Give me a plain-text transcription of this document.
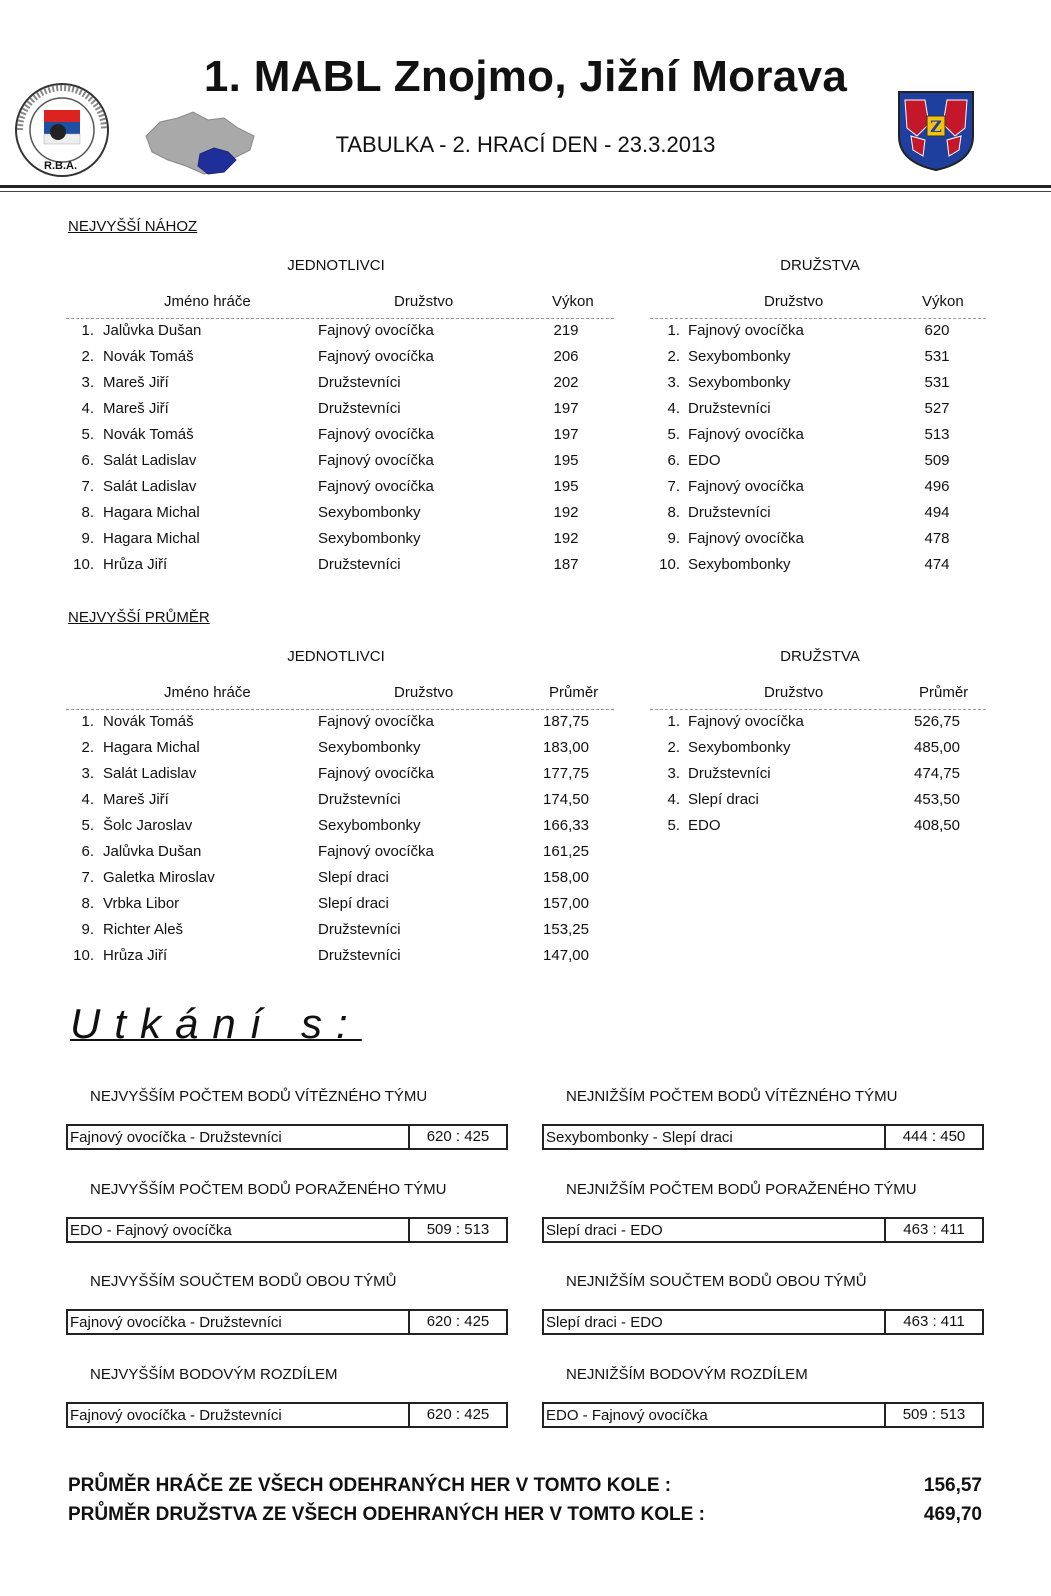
R.B.A.
1. MABL Znojmo, Jižní Morava
TABULKA - 2. HRACÍ DEN - 23.3.2013
Z
NEJVYŠŠÍ NÁHOZ
JEDNOTLIVCI	DRUŽSTVA
Jméno hráče	Družstvo	Výkon	Družstvo	Výkon
1. Jalůvka Dušan	Fajnový ovocíčka	219
2. Novák Tomáš	Fajnový ovocíčka	206
3. Mareš Jiří	Družstevníci	202
4. Mareš Jiří	Družstevníci	197
5. Novák Tomáš	Fajnový ovocíčka	197
6. Salát Ladislav	Fajnový ovocíčka	195
7. Salát Ladislav	Fajnový ovocíčka	195
8. Hagara Michal	Sexybombonky	192
9. Hagara Michal	Sexybombonky	192
10. Hrůza Jiří	Družstevníci	187
1. Fajnový ovocíčka	620
2. Sexybombonky	531
3. Sexybombonky	531
4. Družstevníci	527
5. Fajnový ovocíčka	513
6. EDO	509
7. Fajnový ovocíčka	496
8. Družstevníci	494
9. Fajnový ovocíčka	478
10. Sexybombonky	474
NEJVYŠŠÍ PRŮMĚR
JEDNOTLIVCI	DRUŽSTVA
Jméno hráče	Družstvo	Průměr	Družstvo	Průměr
1. Novák Tomáš	Fajnový ovocíčka	187,75
2. Hagara Michal	Sexybombonky	183,00
3. Salát Ladislav	Fajnový ovocíčka	177,75
4. Mareš Jiří	Družstevníci	174,50
5. Šolc Jaroslav	Sexybombonky	166,33
6. Jalůvka Dušan	Fajnový ovocíčka	161,25
7. Galetka Miroslav	Slepí draci	158,00
8. Vrbka Libor	Slepí draci	157,00
9. Richter Aleš	Družstevníci	153,25
10. Hrůza Jiří	Družstevníci	147,00
1. Fajnový ovocíčka	526,75
2. Sexybombonky	485,00
3. Družstevníci	474,75
4. Slepí draci	453,50
5. EDO	408,50
Utkání s:
NEJVYŠŠÍM POČTEM BODŮ VÍTĚZNÉHO TÝMU
Fajnový ovocíčka - Družstevníci	620 : 425
NEJNIŽŠÍM POČTEM BODŮ VÍTĚZNÉHO TÝMU
Sexybombonky - Slepí draci	444 : 450
NEJVYŠŠÍM POČTEM BODŮ PORAŽENÉHO TÝMU
EDO - Fajnový ovocíčka	509 : 513
NEJNIŽŠÍM POČTEM BODŮ PORAŽENÉHO TÝMU
Slepí draci - EDO	463 : 411
NEJVYŠŠÍM SOUČTEM BODŮ OBOU TÝMŮ
Fajnový ovocíčka - Družstevníci	620 : 425
NEJNIŽŠÍM SOUČTEM BODŮ OBOU TÝMŮ
Slepí draci - EDO	463 : 411
NEJVYŠŠÍM BODOVÝM ROZDÍLEM
Fajnový ovocíčka - Družstevníci	620 : 425
NEJNIŽŠÍM BODOVÝM ROZDÍLEM
EDO - Fajnový ovocíčka	509 : 513
PRŮMĚR HRÁČE ZE VŠECH ODEHRANÝCH HER V TOMTO KOLE :	156,57
PRŮMĚR DRUŽSTVA ZE VŠECH ODEHRANÝCH HER V TOMTO KOLE :	469,70
